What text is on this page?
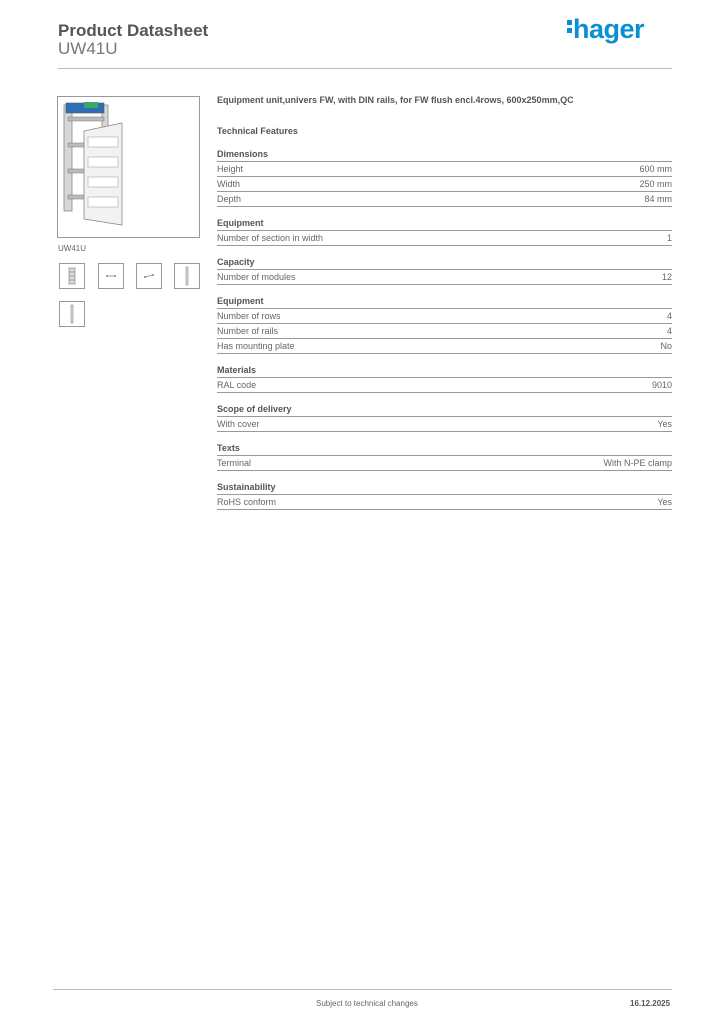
Product Datasheet
UW41U
hager
UW41U
Equipment unit,univers FW, with DIN rails, for FW flush encl.4rows, 600x250mm,QC
Technical Features
Dimensions
Height	600 mm
Width	250 mm
Depth	84 mm
Equipment
Number of section in width	1
Capacity
Number of modules	12
Equipment
Number of rows	4
Number of rails	4
Has mounting plate	No
Materials
RAL code	9010
Scope of delivery
With cover	Yes
Texts
Terminal	With N-PE clamp
Sustainability
RoHS conform	Yes
Subject to technical changes	16.12.2025
